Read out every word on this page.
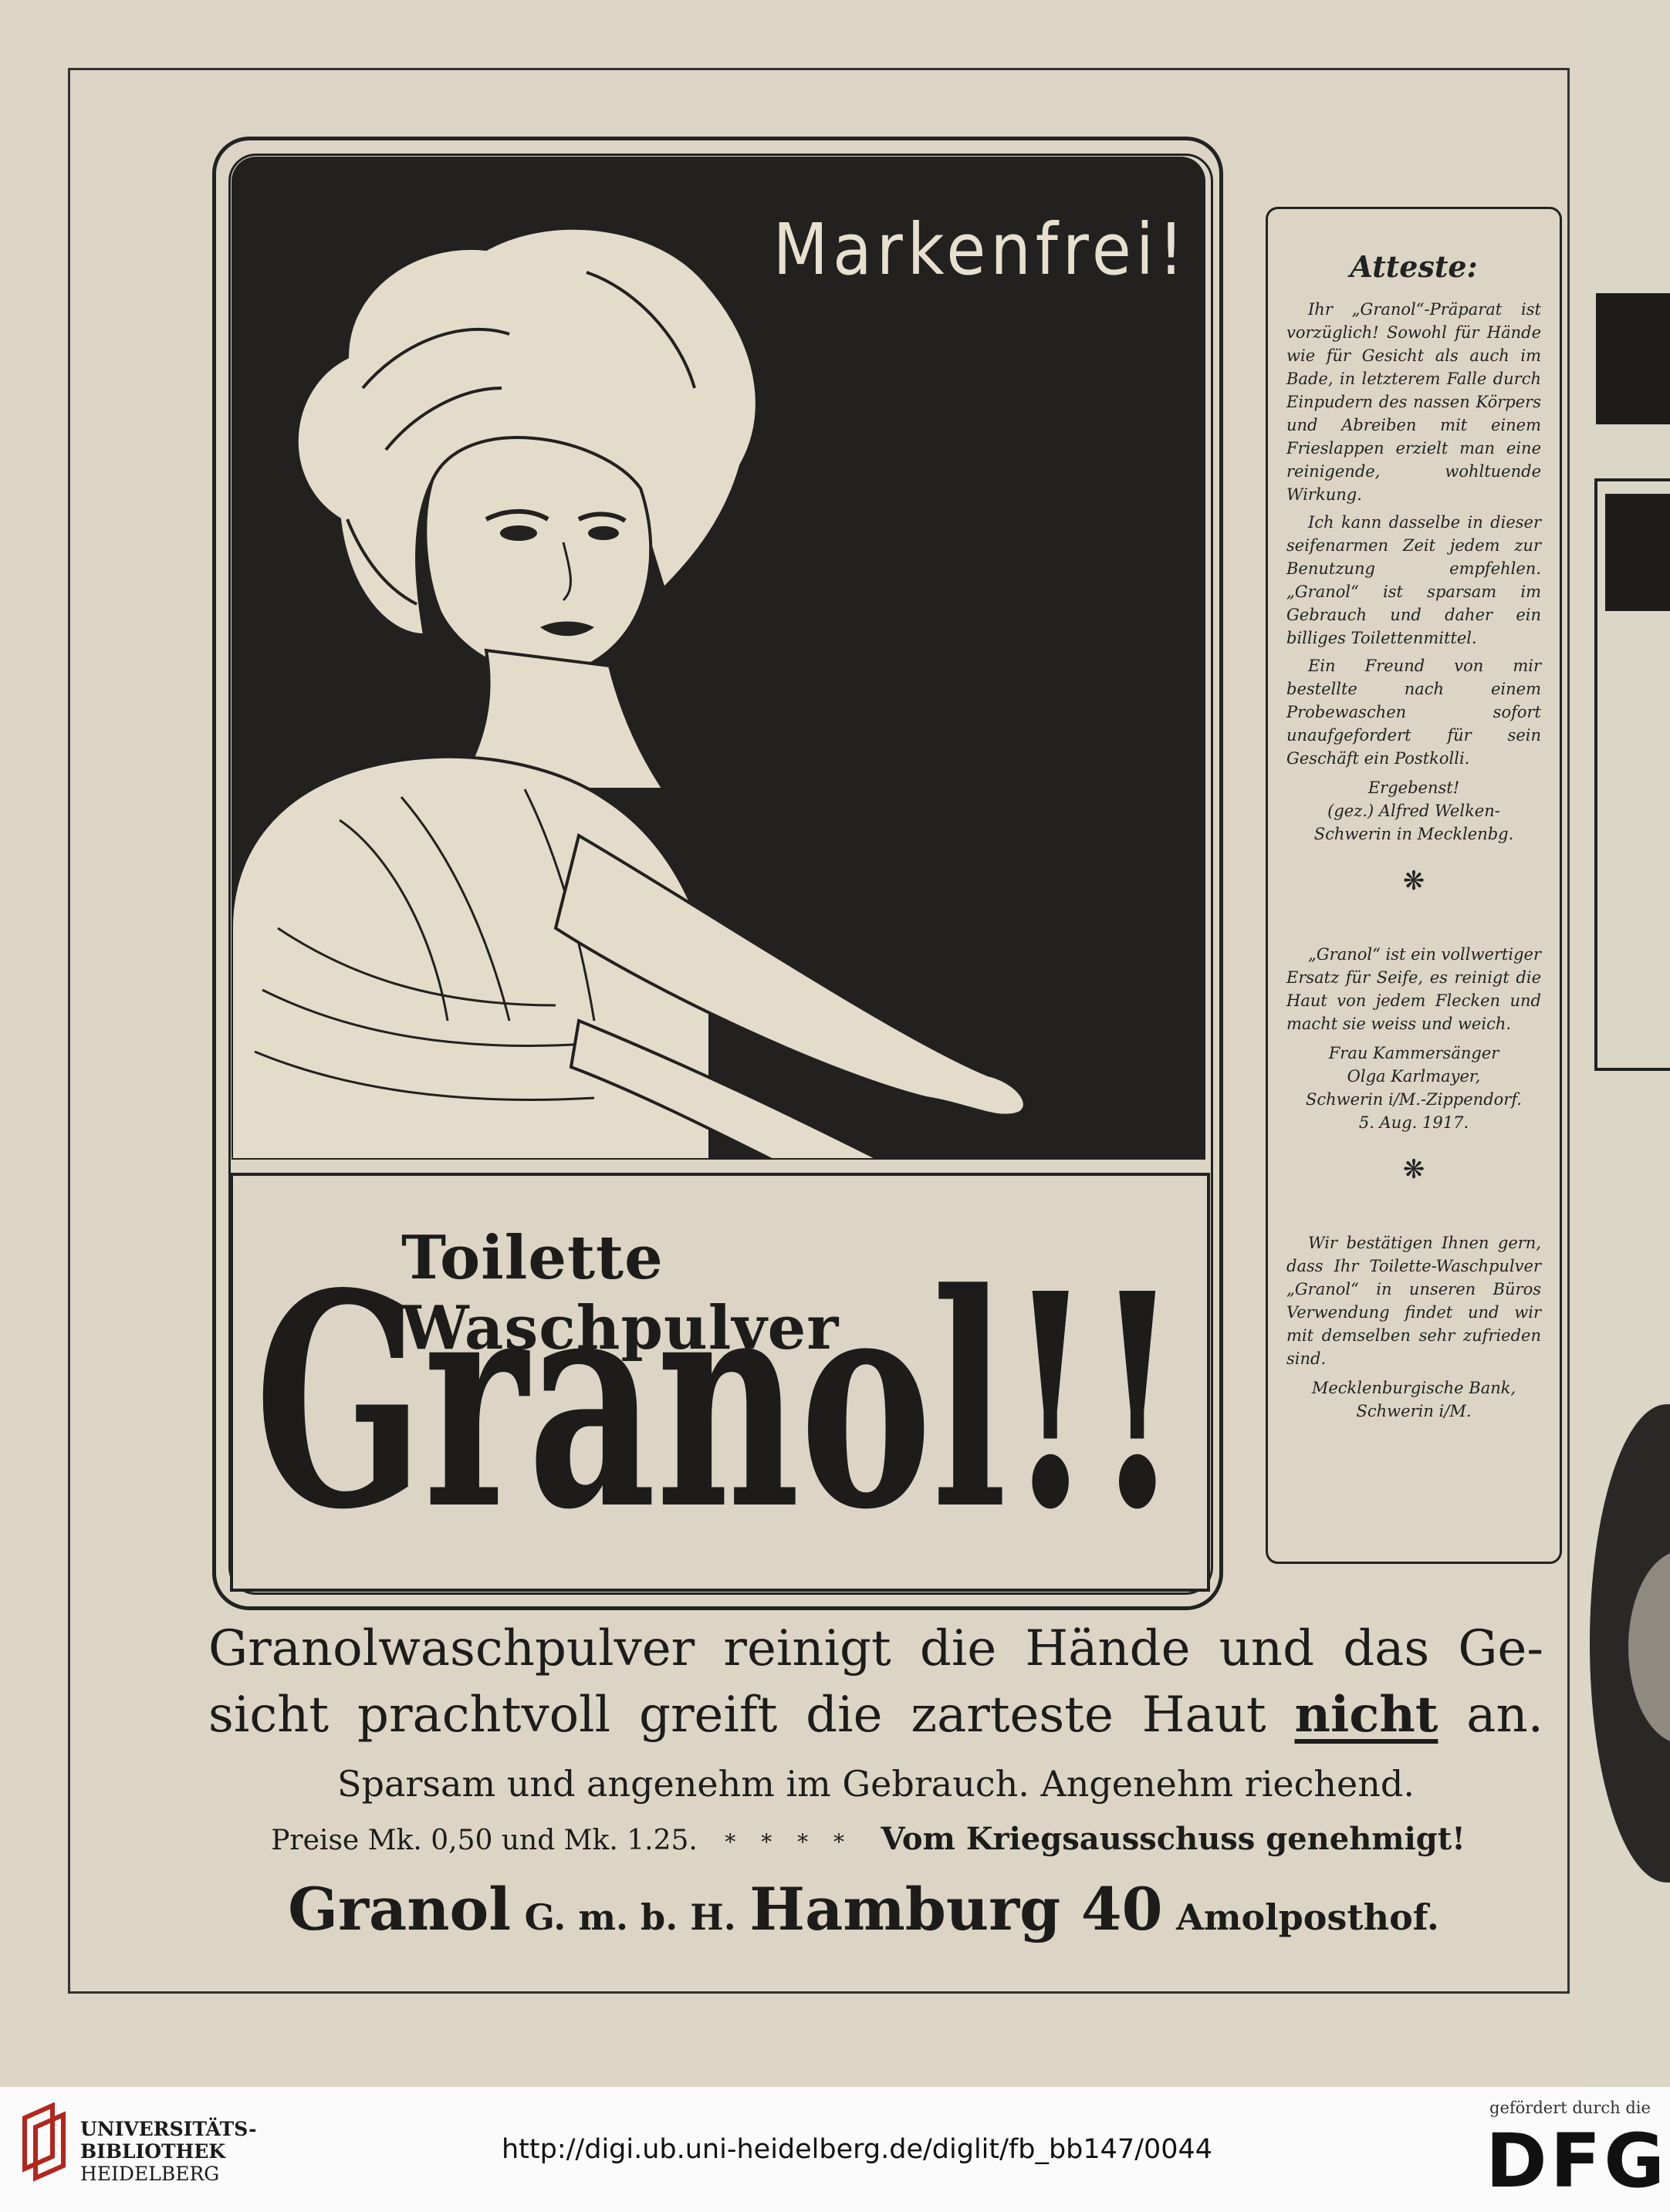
Markenfrei!
Toilette Waschpulver
Granol!!
Atteste:

Ihr „Granol“-Präparat ist vorzüglich! Sowohl für Hände wie für Gesicht als auch im Bade, in letzterem Falle durch Einpudern des nassen Körpers und Abreiben mit einem Frieslappen erzielt man eine reinigende, wohltuende Wirkung.

Ich kann dasselbe in dieser seifenarmen Zeit jedem zur Benutzung empfehlen. „Granol“ ist sparsam im Gebrauch und daher ein billiges Toilettenmittel.

Ein Freund von mir bestellte nach einem Probewaschen sofort unaufgefordert für sein Geschäft ein Postkolli.

Ergebenst!
(gez.) Alfred Welken-
Schwerin in Mecklenbg.
❋

„Granol“ ist ein vollwertiger Ersatz für Seife, es reinigt die Haut von jedem Flecken und macht sie weiss und weich.

Frau Kammersänger
Olga Karlmayer,
Schwerin i/M.-Zippendorf.
5. Aug. 1917.
❋

Wir bestätigen Ihnen gern, dass Ihr Toilette-Waschpulver „Granol“ in unseren Büros Verwendung findet und wir mit demselben sehr zufrieden sind.

Mecklenburgische Bank,
Schwerin i/M.
Granolwaschpulver reinigt die Hände und das Ge-
sicht prachtvoll greift die zarteste Haut nicht an.
Sparsam und angenehm im Gebrauch. Angenehm riechend.
Preise Mk. 0,50 und Mk. 1.25. * * * * Vom Kriegsausschuss genehmigt!
Granol G. m. b. H. Hamburg 40 Amolposthof.
UNIVERSITÄTS-
BIBLIOTHEK
HEIDELBERG
http://digi.ub.uni-heidelberg.de/diglit/fb_bb147/0044
gefördert durch die
DFG
